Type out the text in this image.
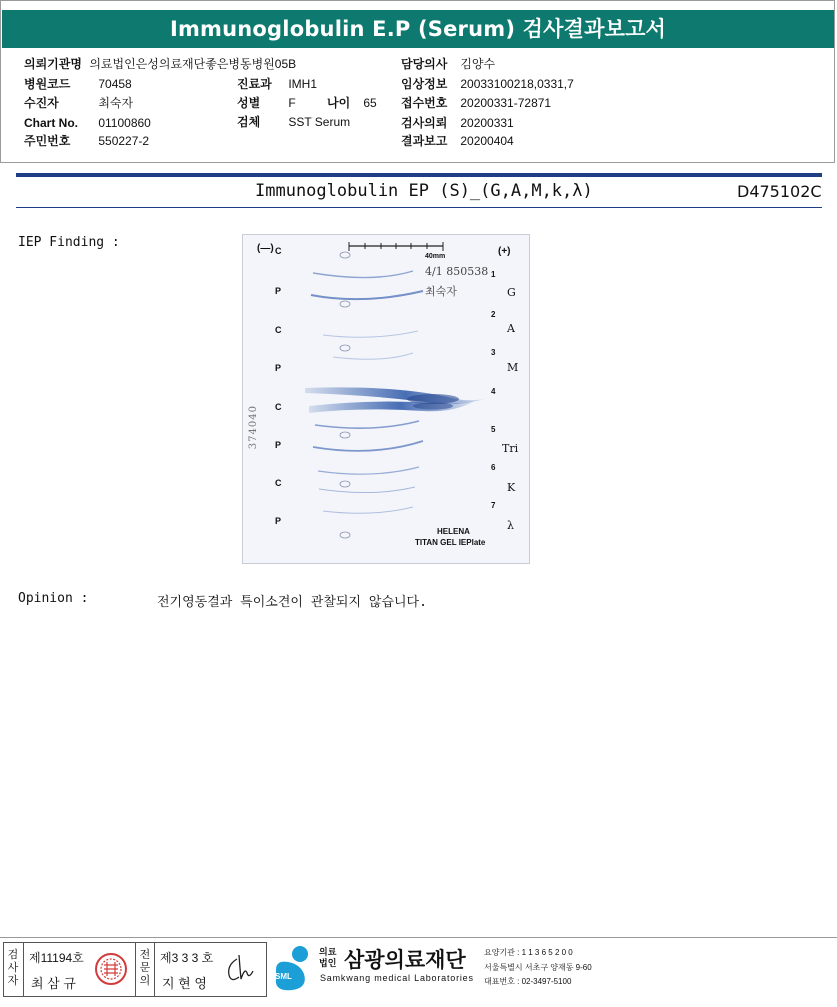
Immunoglobulin E.P (Serum) 검사결과보고서
의뢰기관명 의료법인은성의료재단좋은병동병원05B
병원코드 70458
수진자	최숙자
Chart No. 01100860
주민번호 550227-2
진료과 IMH1
성별 F	나이 65
검체 SST Serum
담당의사 김양수
임상정보 20033100218,0331,7
접수번호 20200331-72871
검사의뢰 20200331
결과보고 20200404
Immunoglobulin EP (S)_(G,A,M,k,λ)	D475102C
IEP Finding :	(—) C
P
C
P
C
P
C
P
374040
40mm	(+)
4/1 850538
최숙자
1
2
3
4
5
6
7
G
A
M
Tri
K
λ
HELENA
TITAN GEL IEPlate
Opinion :	전기영동결과 특이소견이 관찰되지 않습니다.
검사자
제11194호
최 삼 규
전문의
제3 3 3 호
지 현 영	SML
의료
법인 삼광의료재단
Samkwang medical Laboratories
요양기관 : 1 1 3 6 5 2 0 0
서울특별시 서초구 양재동 9-60
대표번호 : 02-3497-5100
